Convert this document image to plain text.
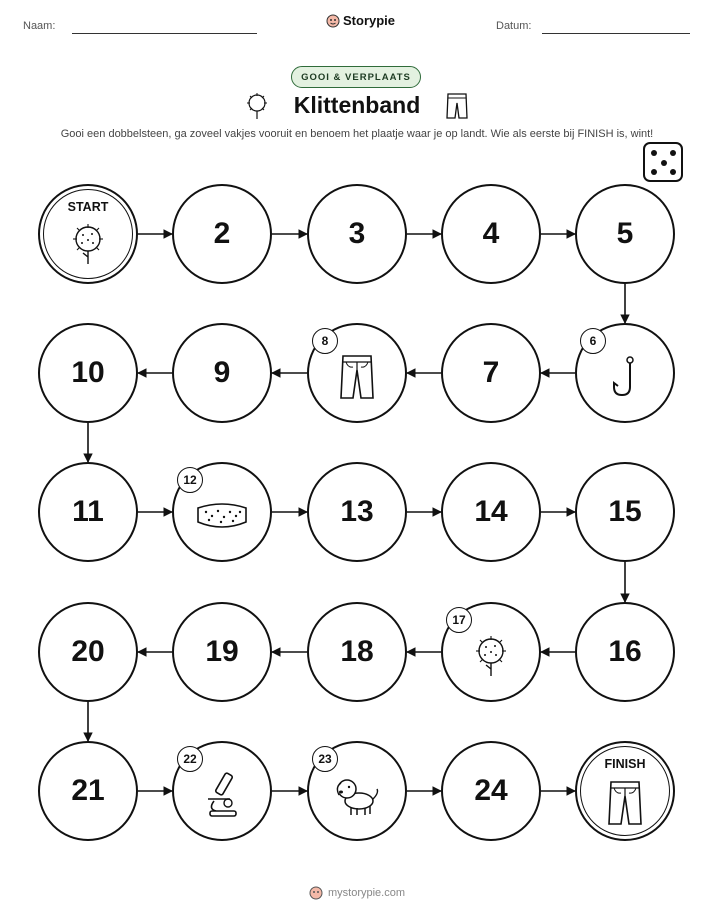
Naam:	Storypie	Datum:
GOOI & VERPLAATS
Klittenband
Gooi een dobbelsteen, ga zoveel vakjes vooruit en benoem het plaatje waar je op landt. Wie als eerste bij FINISH is, wint!
START
2	3	4	5
6
7
8
9
10
11
12
13	14	15
16
17
18
19
20
21
22	23
24
FINISH
mystorypie.com
